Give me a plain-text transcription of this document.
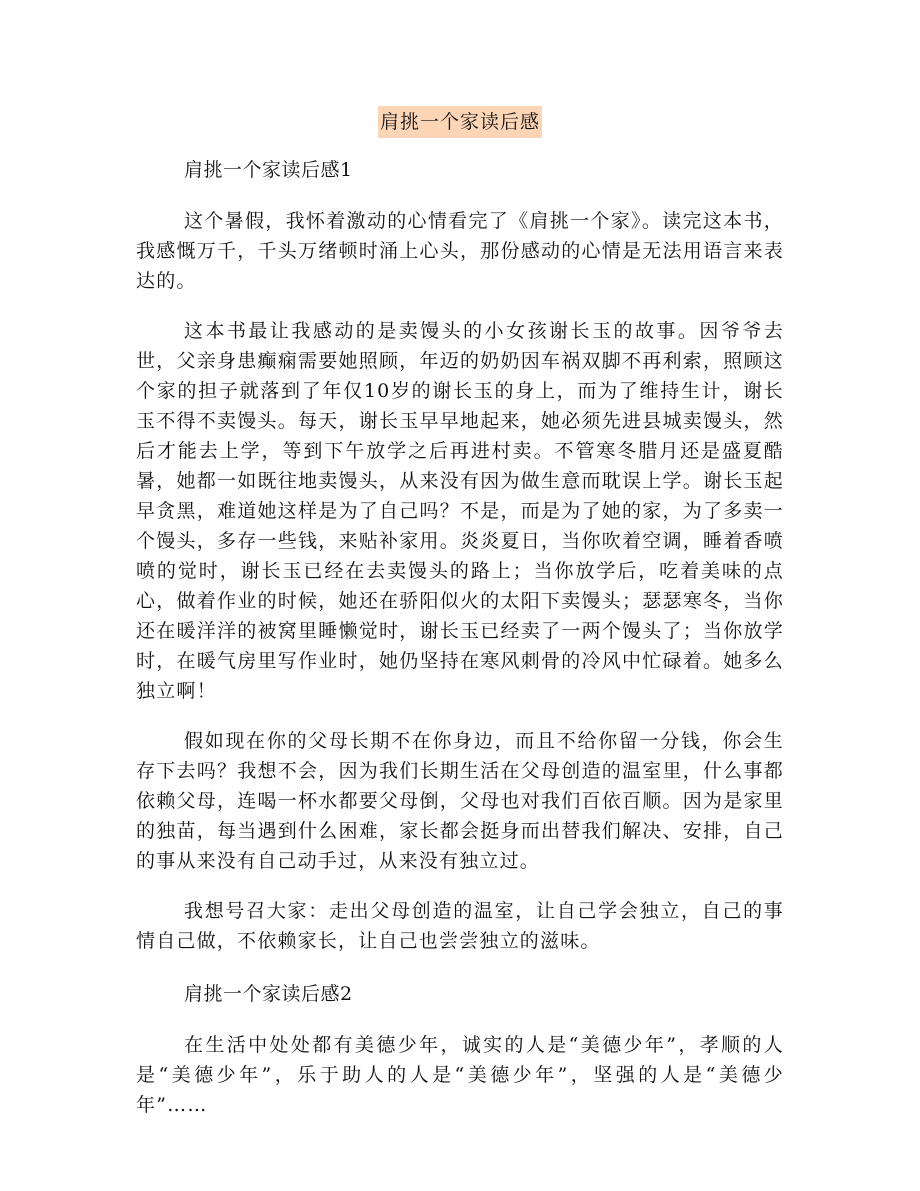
肩挑一个家读后感
肩挑一个家读后感1

这个暑假，我怀着激动的心情看完了《肩挑一个家》。读完这本书，我感慨万千，千头万绪顿时涌上心头，那份感动的心情是无法用语言来表达的。

这本书最让我感动的是卖馒头的小女孩谢长玉的故事。因爷爷去世，父亲身患癫痫需要她照顾，年迈的奶奶因车祸双脚不再利索，照顾这个家的担子就落到了年仅10岁的谢长玉的身上，而为了维持生计，谢长玉不得不卖馒头。每天，谢长玉早早地起来，她必须先进县城卖馒头，然后才能去上学，等到下午放学之后再进村卖。不管寒冬腊月还是盛夏酷暑，她都一如既往地卖馒头，从来没有因为做生意而耽误上学。谢长玉起早贪黑，难道她这样是为了自己吗？不是，而是为了她的家，为了多卖一个馒头，多存一些钱，来贴补家用。炎炎夏日，当你吹着空调，睡着香喷喷的觉时，谢长玉已经在去卖馒头的路上；当你放学后，吃着美味的点心，做着作业的时候，她还在骄阳似火的太阳下卖馒头；瑟瑟寒冬，当你还在暖洋洋的被窝里睡懒觉时，谢长玉已经卖了一两个馒头了；当你放学时，在暖气房里写作业时，她仍坚持在寒风刺骨的冷风中忙碌着。她多么独立啊！

假如现在你的父母长期不在你身边，而且不给你留一分钱，你会生存下去吗？我想不会，因为我们长期生活在父母创造的温室里，什么事都依赖父母，连喝一杯水都要父母倒，父母也对我们百依百顺。因为是家里的独苗，每当遇到什么困难，家长都会挺身而出替我们解决、安排，自己的事从来没有自己动手过，从来没有独立过。

我想号召大家：走出父母创造的温室，让自己学会独立，自己的事情自己做，不依赖家长，让自己也尝尝独立的滋味。

肩挑一个家读后感2

在生活中处处都有美德少年，诚实的人是“美德少年”，孝顺的人是“美德少年”，乐于助人的人是“美德少年”，坚强的人是“美德少年”……
